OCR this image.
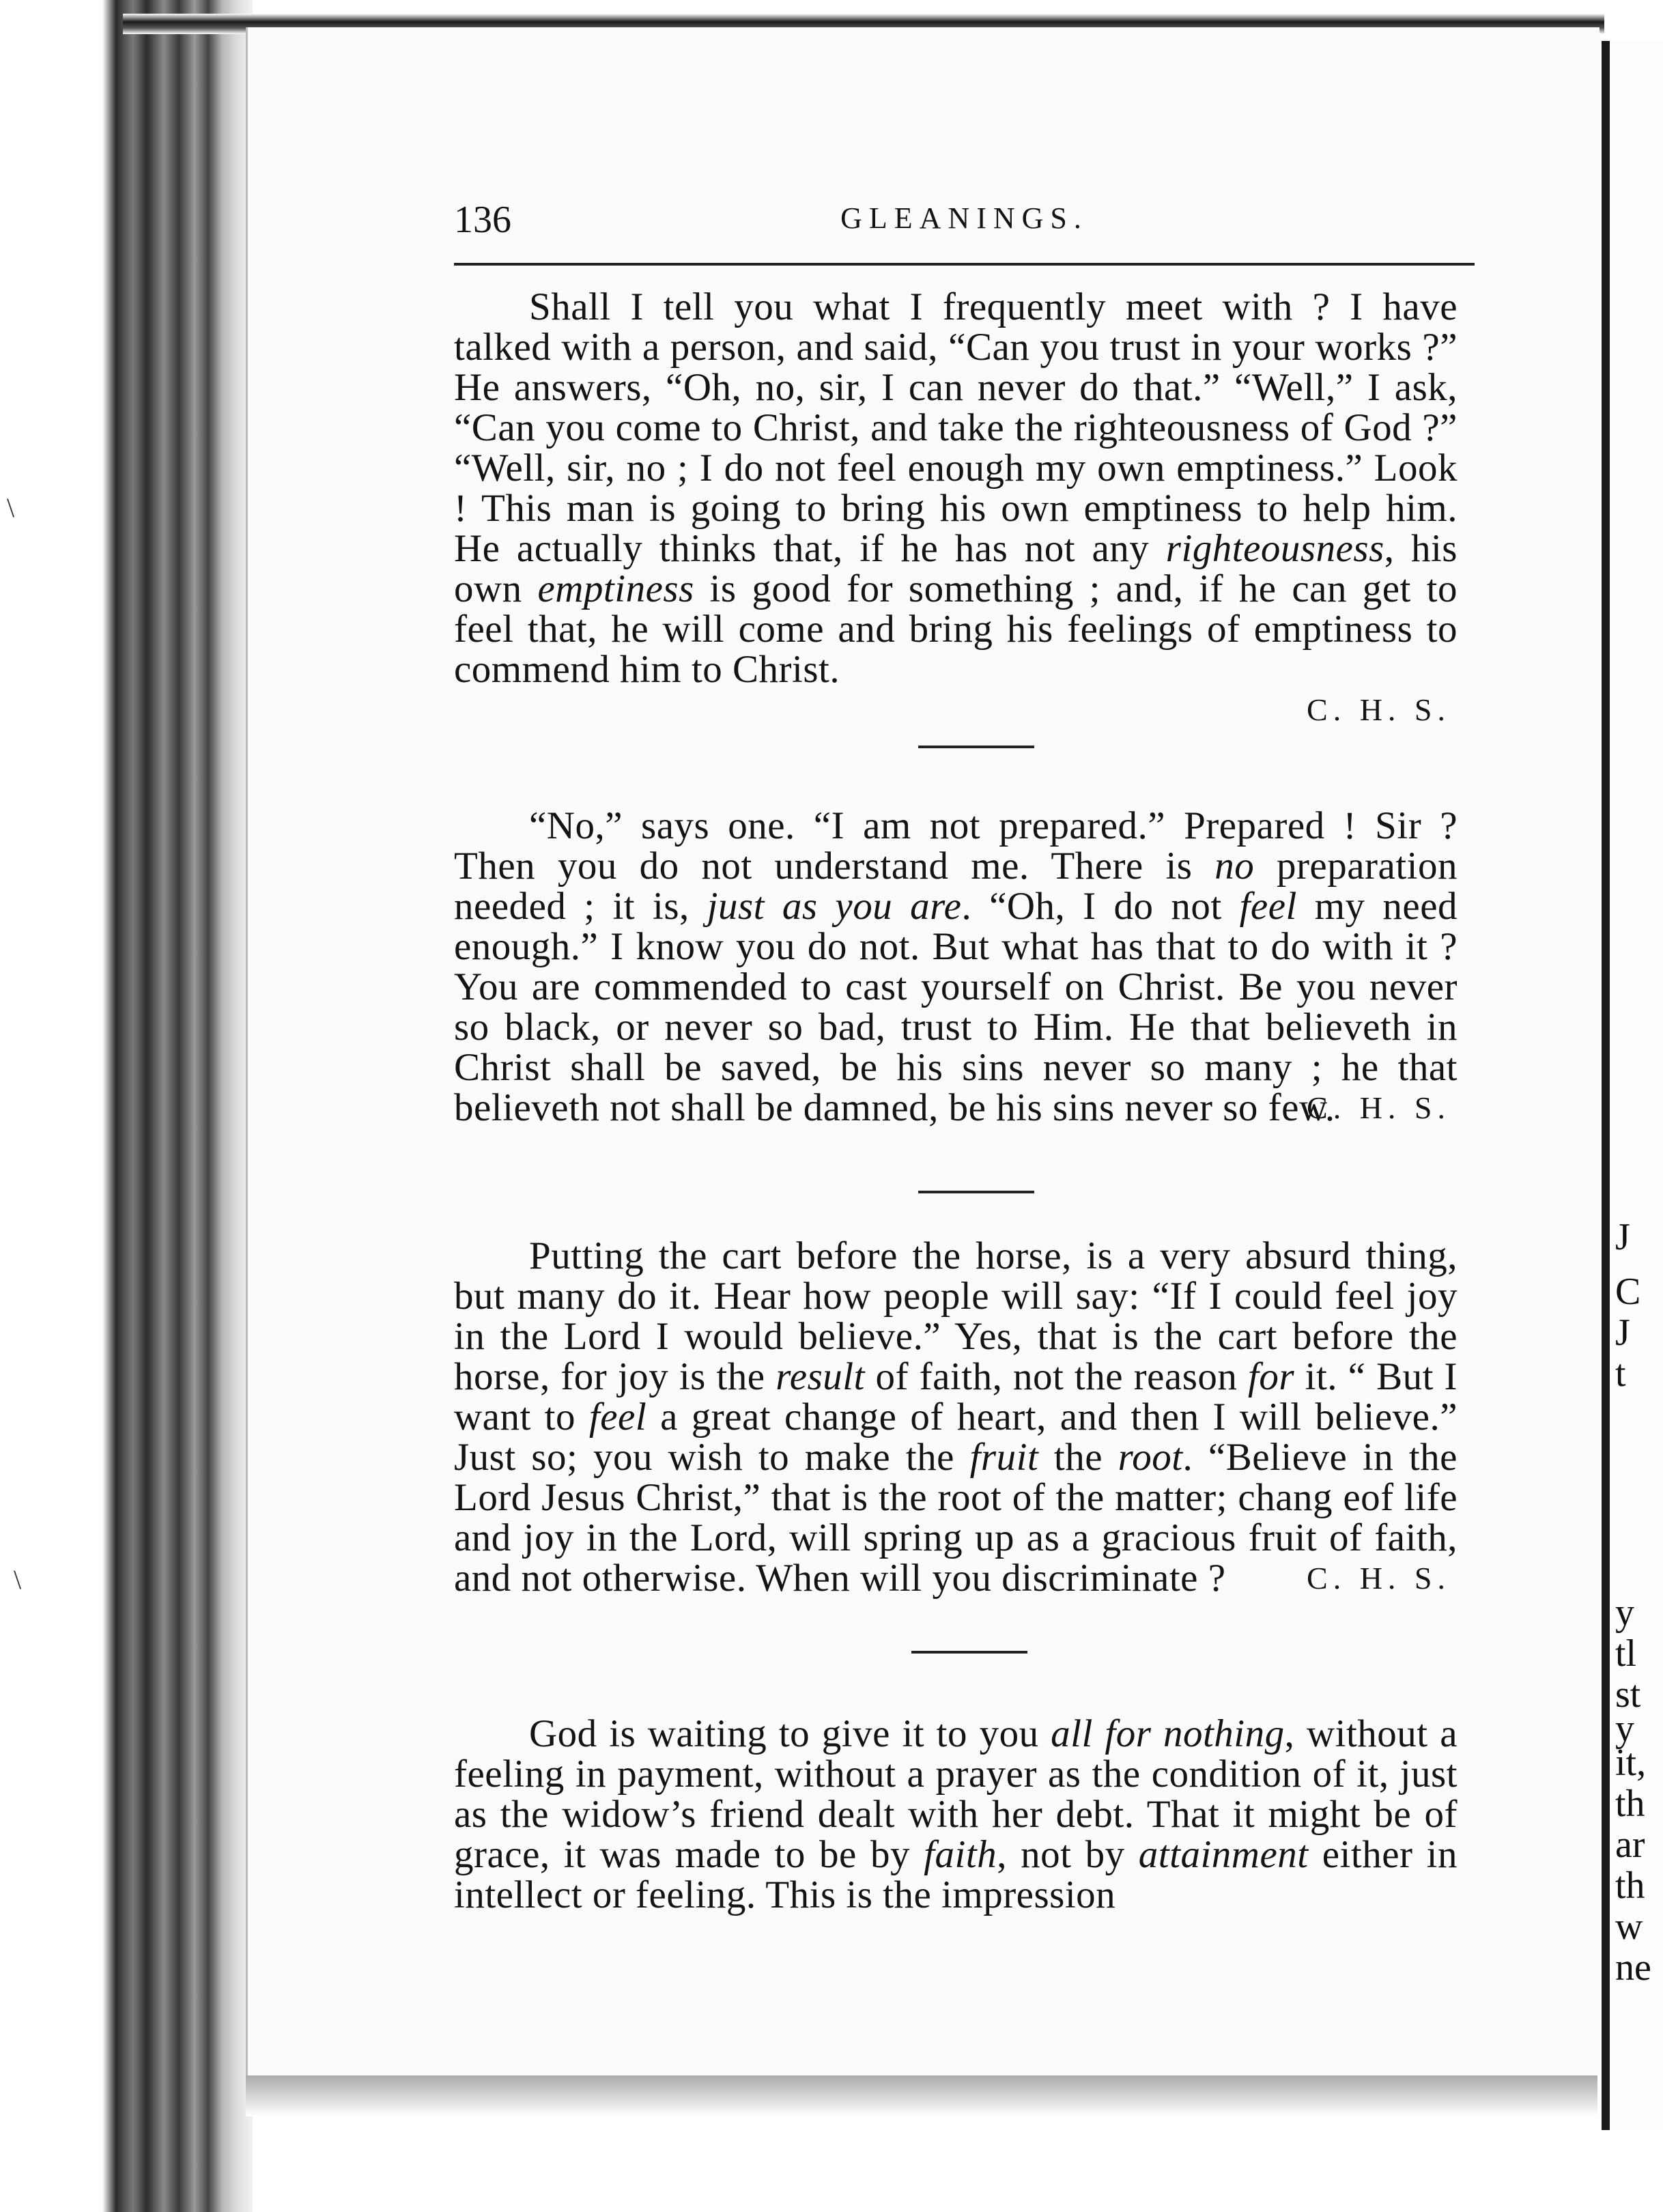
J
C
J
t
y
tl
st
y
it,
th
ar
th
w
ne
136	GLEANINGS.

Shall I tell you what I frequently meet with ? I have talked with a person, and said, “Can you trust in your works ?” He answers, “Oh, no, sir, I can never do that.” “Well,” I ask, “Can you come to Christ, and take the righteousness of God ?” “Well, sir, no ; I do not feel enough my own emptiness.” Look ! This man is going to bring his own emptiness to help him. He actually thinks that, if he has not any righteousness, his own emptiness is good for something ; and, if he can get to feel that, he will come and bring his feelings of emptiness to commend him to Christ.

C. H. S.

“No,” says one. “I am not prepared.” Prepared ! Sir ? Then you do not understand me. There is no preparation needed ; it is, just as you are. “Oh, I do not feel my need enough.” I know you do not. But what has that to do with it ? You are commended to cast yourself on Christ. Be you never so black, or never so bad, trust to Him. He that believeth in Christ shall be saved, be his sins never so many ; he that believeth not shall be damned, be his sins never so few.

C. H. S.

Putting the cart before the horse, is a very absurd thing, but many do it. Hear how people will say: “If I could feel joy in the Lord I would believe.” Yes, that is the cart before the horse, for joy is the result of faith, not the reason for it. “ But I want to feel a great change of heart, and then I will believe.” Just so; you wish to make the fruit the root. “Believe in the Lord Jesus Christ,” that is the root of the matter; chang eof life and joy in the Lord, will spring up as a gracious fruit of faith, and not otherwise. When will you discriminate ?	C. H. S.

God is waiting to give it to you all for nothing, without a feeling in payment, without a prayer as the condition of it, just as the widow’s friend dealt with her debt. That it might be of grace, it was made to be by faith, not by attainment either in intellect or feeling. This is the impression

\
\
